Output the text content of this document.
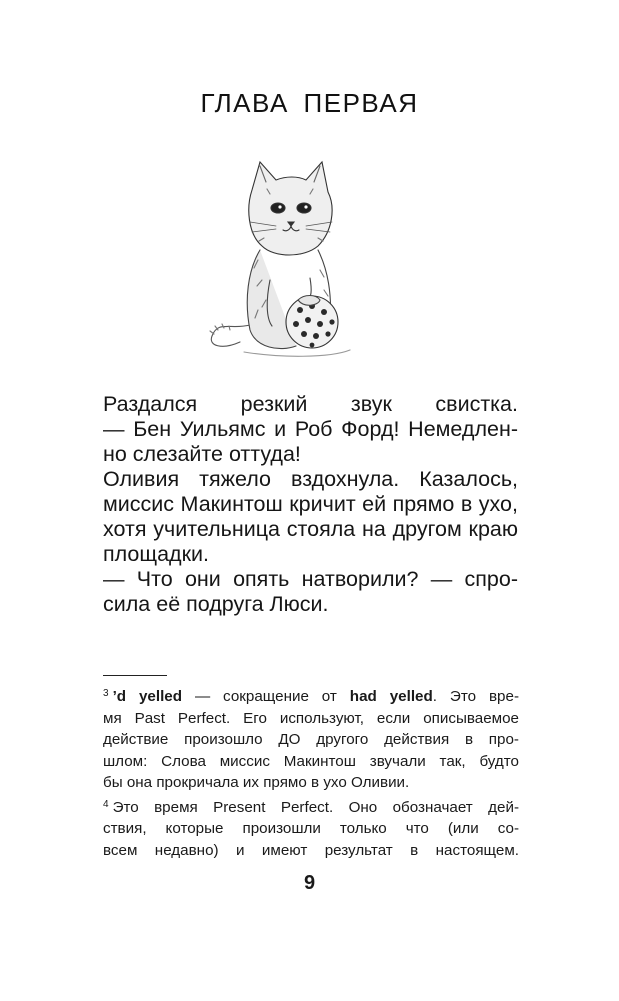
ГЛАВА ПЕРВАЯ
Раздался резкий звук свистка.
— Бен Уильямс и Роб Форд! Немедлен-
но слезайте оттуда!
Оливия тяжело вздохнула. Казалось,
миссис Макинтош кричит ей прямо в ухо,
хотя учительница стояла на другом краю
площадки.
— Что они опять натворили? — спро-
сила её подруга Люси.
$^3$ ’d yelled — сокращение от had yelled. Это вре-
мя Past Perfect. Его используют, если описываемое
действие произошло ДО другого действия в про-
шлом: Слова миссис Макинтош звучали так, будто
бы она прокричала их прямо в ухо Оливии.
$^4$ Это время Present Perfect. Оно обозначает дей-
ствия, которые произошли только что (или со-
всем недавно) и имеют результат в настоящем.
9
